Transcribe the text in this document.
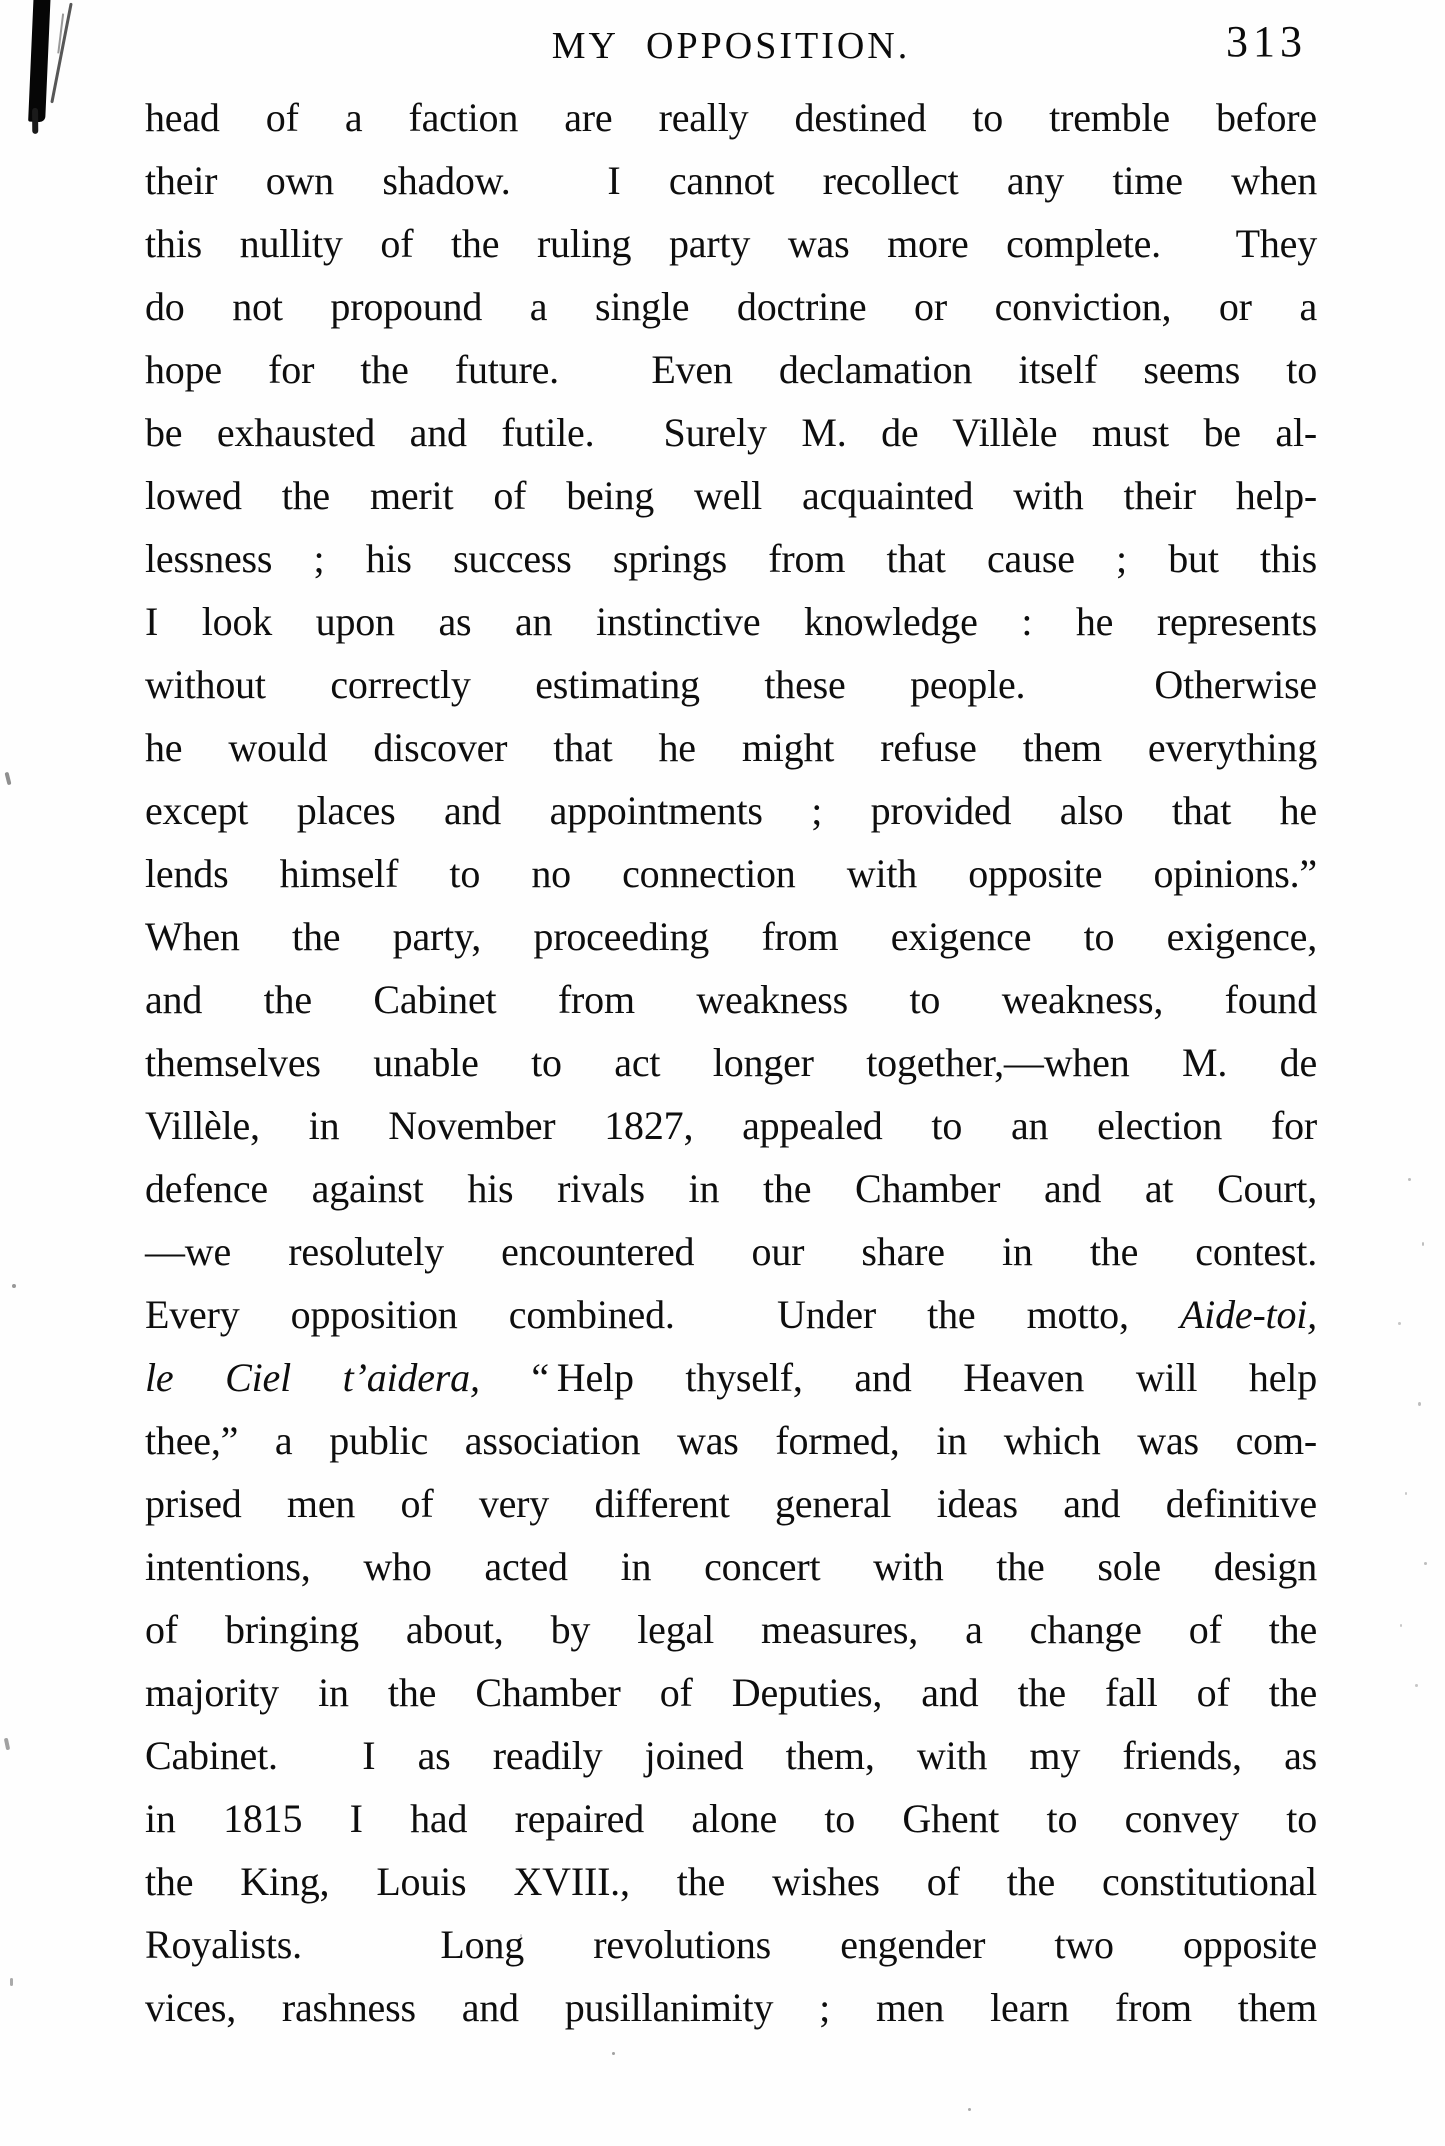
MY OPPOSITION.	313

head of a faction are really destined to tremble before

their own shadow.  I cannot recollect any time when

this nullity of the ruling party was more complete.  They

do not propound a single doctrine or conviction, or a

hope for the future.  Even declamation itself seems to

be exhausted and futile.  Surely M. de Villèle must be al-

lowed the merit of being well acquainted with their help-

lessness ; his success springs from that cause ; but this

I look upon as an instinctive knowledge : he represents

without correctly estimating these people.  Otherwise

he would discover that he might refuse them everything

except places and appointments ; provided also that he

lends himself to no connection with opposite opinions.”

When the party, proceeding from exigence to exigence,

and the Cabinet from weakness to weakness, found

themselves unable to act longer together,—when M. de

Villèle, in November 1827, appealed to an election for

defence against his rivals in the Chamber and at Court,

—we resolutely encountered our share in the contest.

Every opposition combined.  Under the motto, Aide-toi,

le Ciel t’aidera, “ Help thyself, and Heaven will help

thee,” a public association was formed, in which was com-

prised men of very different general ideas and definitive

intentions, who acted in concert with the sole design

of bringing about, by legal measures, a change of the

majority in the Chamber of Deputies, and the fall of the

Cabinet.  I as readily joined them, with my friends, as

in 1815 I had repaired alone to Ghent to convey to

the King, Louis XVIII., the wishes of the constitutional

Royalists.  Long revolutions engender two opposite

vices, rashness and pusillanimity ; men learn from them
